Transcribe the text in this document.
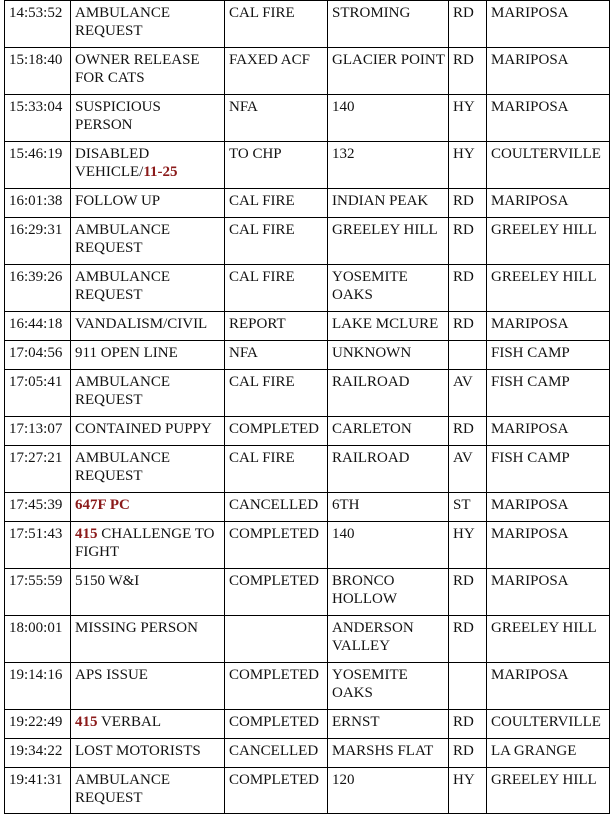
14:53:52	AMBULANCE REQUEST	CAL FIRE	STROMING	RD	MARIPOSA
15:18:40	OWNER RELEASE FOR CATS	FAXED ACF	GLACIER POINT	RD	MARIPOSA
15:33:04	SUSPICIOUS PERSON	NFA	140	HY	MARIPOSA
15:46:19	DISABLED VEHICLE/11-25	TO CHP	132	HY	COULTERVILLE
16:01:38	FOLLOW UP	CAL FIRE	INDIAN PEAK	RD	MARIPOSA
16:29:31	AMBULANCE REQUEST	CAL FIRE	GREELEY HILL	RD	GREELEY HILL
16:39:26	AMBULANCE REQUEST	CAL FIRE	YOSEMITE OAKS	RD	GREELEY HILL
16:44:18	VANDALISM/CIVIL	REPORT	LAKE MCLURE	RD	MARIPOSA
17:04:56	911 OPEN LINE	NFA	UNKNOWN		FISH CAMP
17:05:41	AMBULANCE REQUEST	CAL FIRE	RAILROAD	AV	FISH CAMP
17:13:07	CONTAINED PUPPY	COMPLETED	CARLETON	RD	MARIPOSA
17:27:21	AMBULANCE REQUEST	CAL FIRE	RAILROAD	AV	FISH CAMP
17:45:39	647F PC	CANCELLED	6TH	ST	MARIPOSA
17:51:43	415 CHALLENGE TO FIGHT	COMPLETED	140	HY	MARIPOSA
17:55:59	5150 W&I	COMPLETED	BRONCO HOLLOW	RD	MARIPOSA
18:00:01	MISSING PERSON		ANDERSON VALLEY	RD	GREELEY HILL
19:14:16	APS ISSUE	COMPLETED	YOSEMITE OAKS		MARIPOSA
19:22:49	415 VERBAL	COMPLETED	ERNST	RD	COULTERVILLE
19:34:22	LOST MOTORISTS	CANCELLED	MARSHS FLAT	RD	LA GRANGE
19:41:31	AMBULANCE REQUEST	COMPLETED	120	HY	GREELEY HILL
